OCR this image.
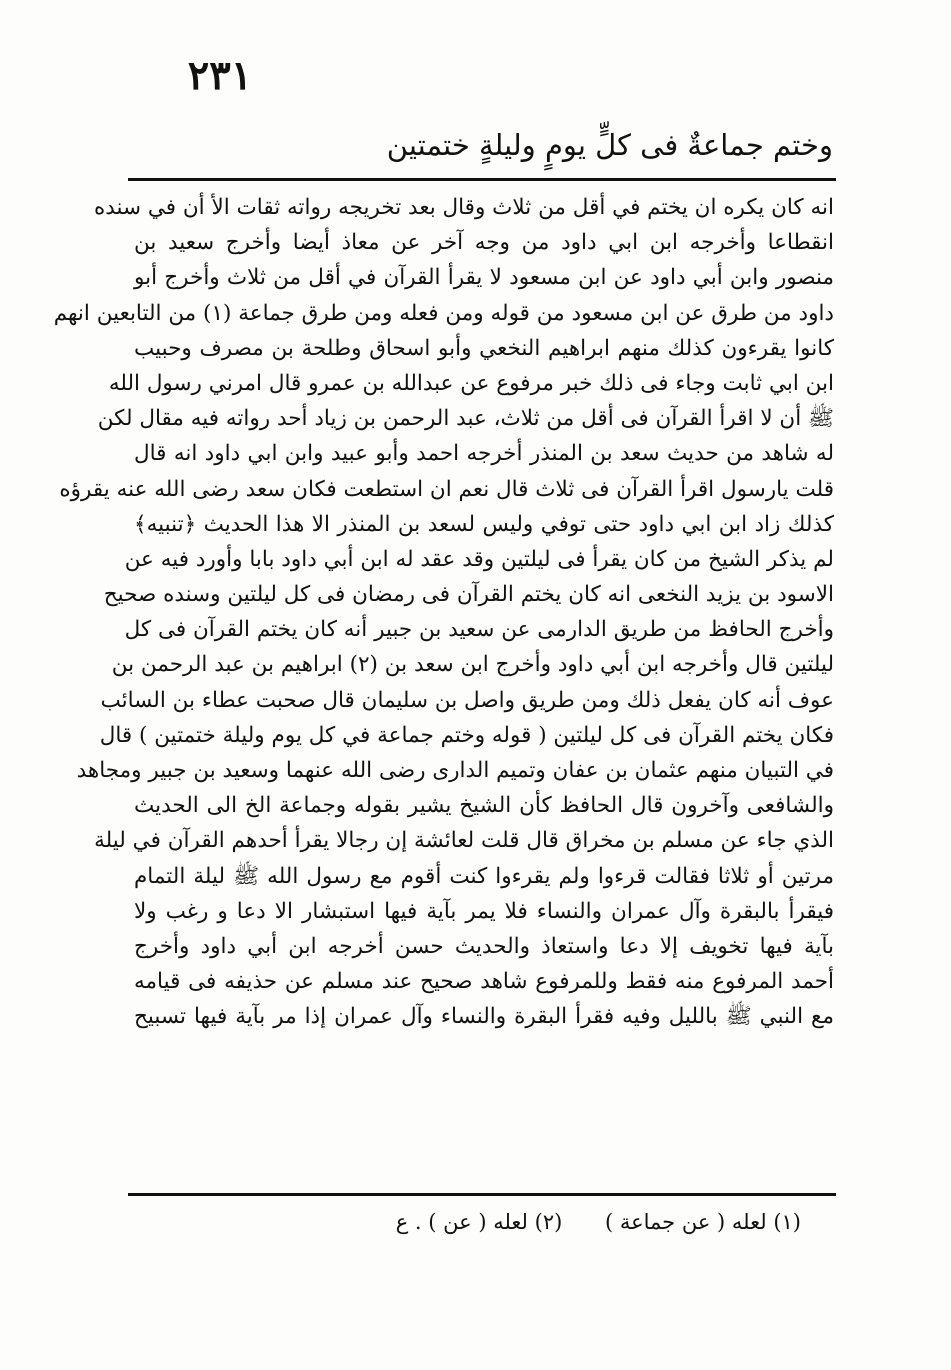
٢٣١
وختم جماعةٌ فى كلٍّ يومٍ وليلةٍ ختمتين
انه كان يكره ان يختم في أقل من ثلاث وقال بعد تخريجه رواته ثقات الأ أن في سنده
انقطاعا وأخرجه ابن ابي داود من وجه آخر عن معاذ أيضا وأخرج سعيد بن
منصور وابن أبي داود عن ابن مسعود لا يقرأ القرآن في أقل من ثلاث وأخرج أبو
داود من طرق عن ابن مسعود من قوله ومن فعله ومن طرق جماعة (١) من التابعين انهم
كانوا يقرءون كذلك منهم ابراهيم النخعي وأبو اسحاق وطلحة بن مصرف وحبيب
ابن ابي ثابت وجاء فى ذلك خبر مرفوع عن عبدالله بن عمرو قال امرني رسول الله
ﷺ أن لا اقرأ القرآن فى أقل من ثلاث، عبد الرحمن بن زياد أحد رواته فيه مقال لكن
له شاهد من حديث سعد بن المنذر أخرجه احمد وأبو عبيد وابن ابي داود انه قال
قلت يارسول اقرأ القرآن فى ثلاث قال نعم ان استطعت فكان سعد رضى الله عنه يقرؤه
كذلك زاد ابن ابي داود حتى توفي وليس لسعد بن المنذر الا هذا الحديث ﴿تنبيه﴾
لم يذكر الشيخ من كان يقرأ فى ليلتين وقد عقد له ابن أبي داود بابا وأورد فيه عن
الاسود بن يزيد النخعى انه كان يختم القرآن فى رمضان فى كل ليلتين وسنده صحيح
وأخرج الحافظ من طريق الدارمى عن سعيد بن جبير أنه كان يختم القرآن فى كل
ليلتين قال وأخرجه ابن أبي داود وأخرج ابن سعد بن (٢) ابراهيم بن عبد الرحمن بن
عوف أنه كان يفعل ذلك ومن طريق واصل بن سليمان قال صحبت عطاء بن السائب
فكان يختم القرآن فى كل ليلتين ( قوله وختم جماعة في كل يوم وليلة ختمتين ) قال
في التبيان منهم عثمان بن عفان وتميم الدارى رضى الله عنهما وسعيد بن جبير ومجاهد
والشافعى وآخرون قال الحافظ كأن الشيخ يشير بقوله وجماعة الخ الى الحديث
الذي جاء عن مسلم بن مخراق قال قلت لعائشة إن رجالا يقرأ أحدهم القرآن في ليلة
مرتين أو ثلاثا فقالت قرءوا ولم يقرءوا كنت أقوم مع رسول الله ﷺ ليلة التمام
فيقرأ بالبقرة وآل عمران والنساء فلا يمر بآية فيها استبشار الا دعا و رغب ولا
بآية فيها تخويف إلا دعا واستعاذ والحديث حسن أخرجه ابن أبي داود وأخرج
أحمد المرفوع منه فقط وللمرفوع شاهد صحيح عند مسلم عن حذيفه فى قيامه
مع النبي ﷺ بالليل وفيه فقرأ البقرة والنساء وآل عمران إذا مر بآية فيها تسبيح
(١) لعله ( عن جماعة ) (٢) لعله ( عن ) . ع
